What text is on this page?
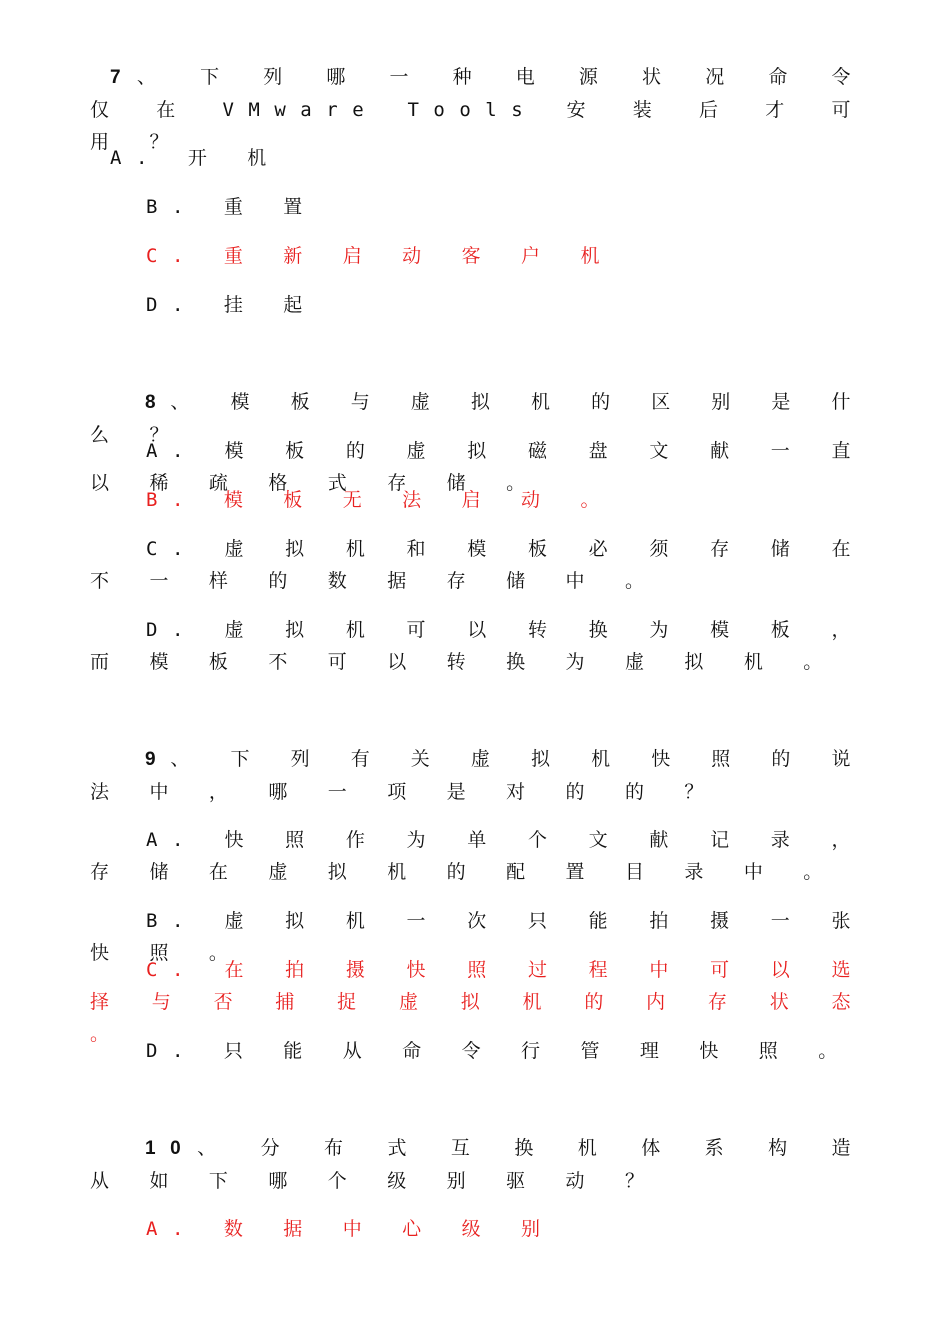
7、 下 列 哪 一 种 电 源 状 况 命 令 仅 在 VMware Tools 安 装 后 才 可 用 ？
A. 开 机
B. 重 置
C. 重 新 启 动 客 户 机
D. 挂 起
8、 模 板 与 虚 拟 机 的 区 别 是 什 么 ？
A. 模 板 的 虚 拟 磁 盘 文 献 一 直 以 稀 疏 格 式 存 储 。
B. 模 板 无 法 启 动 。
C. 虚 拟 机 和 模 板 必 须 存 储 在 不 一 样 的 数 据 存 储 中 。
D. 虚 拟 机 可 以 转 换 为 模 板 ， 而 模 板 不 可 以 转 换 为 虚 拟 机 。
9、 下 列 有 关 虚 拟 机 快 照 的 说 法 中 ， 哪 一 项 是 对 的 的 ？
A. 快 照 作 为 单 个 文 献 记 录 ， 存 储 在 虚 拟 机 的 配 置 目 录 中 。
B. 虚 拟 机 一 次 只 能 拍 摄 一 张 快 照 。
C. 在 拍 摄 快 照 过 程 中 可 以 选 择 与 否 捕 捉 虚 拟 机 的 内 存 状 态 。
D. 只 能 从 命 令 行 管 理 快 照 。
10、 分 布 式 互 换 机 体 系 构 造 从 如 下 哪 个 级 别 驱 动 ？
A. 数 据 中 心 级 别
